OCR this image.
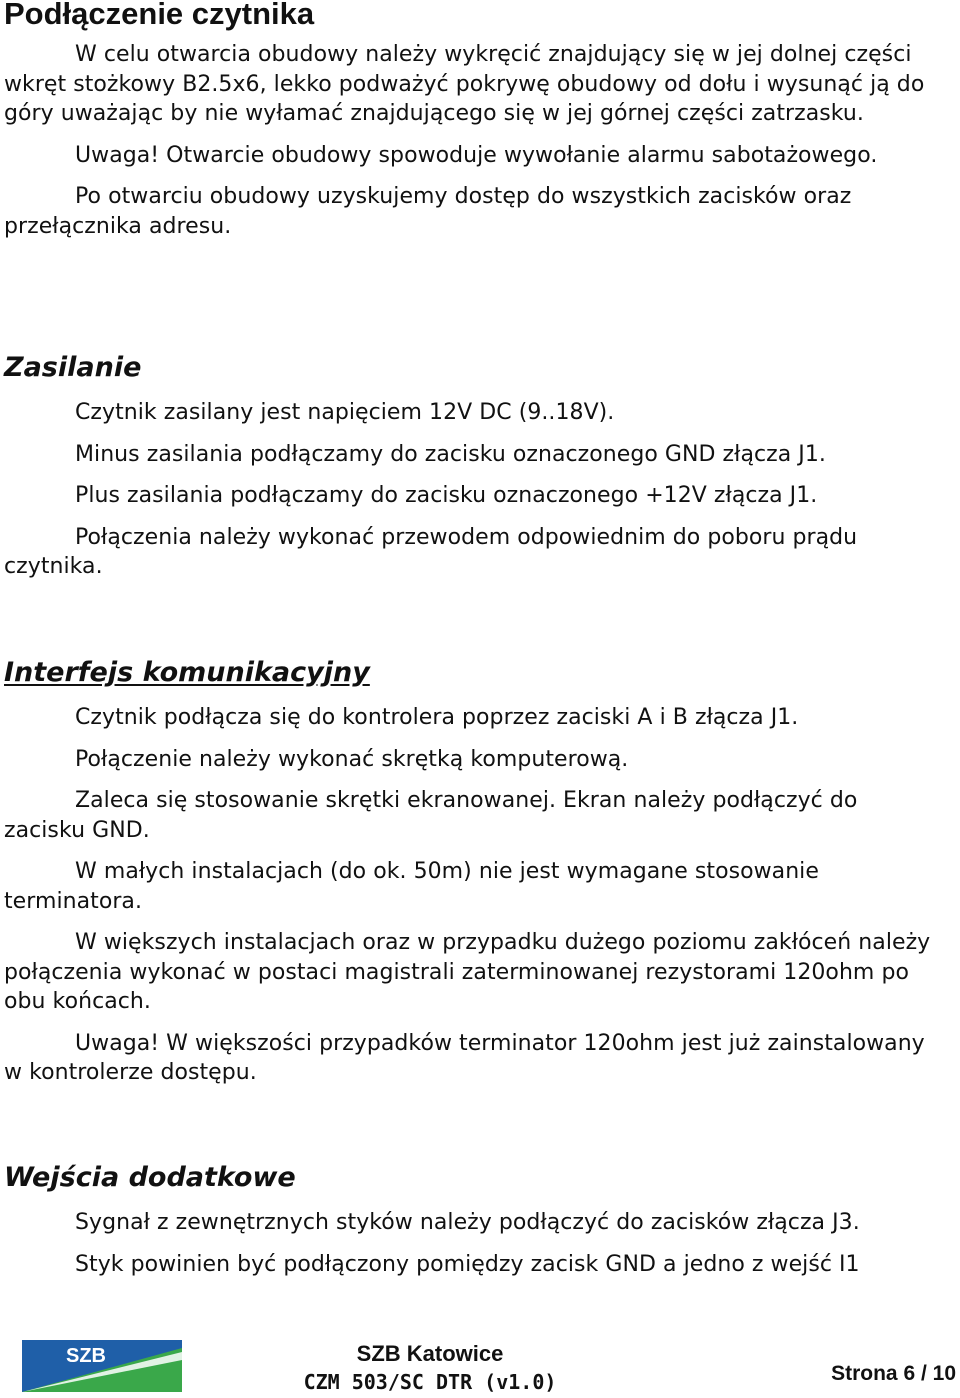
Podłączenie czytnika

W celu otwarcia obudowy należy wykręcić znajdujący się w jej dolnej części wkręt stożkowy B2.5x6, lekko podważyć pokrywę obudowy od dołu i wysunąć ją do góry uważając by nie wyłamać znajdującego się w jej górnej części zatrzasku.

Uwaga! Otwarcie obudowy spowoduje wywołanie alarmu sabotażowego.

Po otwarciu obudowy uzyskujemy dostęp do wszystkich zacisków oraz przełącznika adresu.

Zasilanie

Czytnik zasilany jest napięciem 12V DC (9..18V).

Minus zasilania podłączamy do zacisku oznaczonego GND złącza J1.

Plus zasilania podłączamy do zacisku oznaczonego +12V złącza J1.

Połączenia należy wykonać przewodem odpowiednim do poboru prądu czytnika.

Interfejs komunikacyjny

Czytnik podłącza się do kontrolera poprzez zaciski A i B złącza J1.

Połączenie należy wykonać skrętką komputerową.

Zaleca się stosowanie skrętki ekranowanej. Ekran należy podłączyć do zacisku GND.

W małych instalacjach (do ok. 50m) nie jest wymagane stosowanie terminatora.

W większych instalacjach oraz w przypadku dużego poziomu zakłóceń należy połączenia wykonać w postaci magistrali zaterminowanej rezystorami 120ohm po obu końcach.

Uwaga! W większości przypadków terminator 120ohm jest już zainstalowany w kontrolerze dostępu.

Wejścia dodatkowe

Sygnał z zewnętrznych styków należy podłączyć do zacisków złącza J3.

Styk powinien być podłączony pomiędzy zacisk GND a jedno z wejść I1

SZB	SZB Katowice
CZM 503/SC DTR (v1.0)	Strona 6 / 10
